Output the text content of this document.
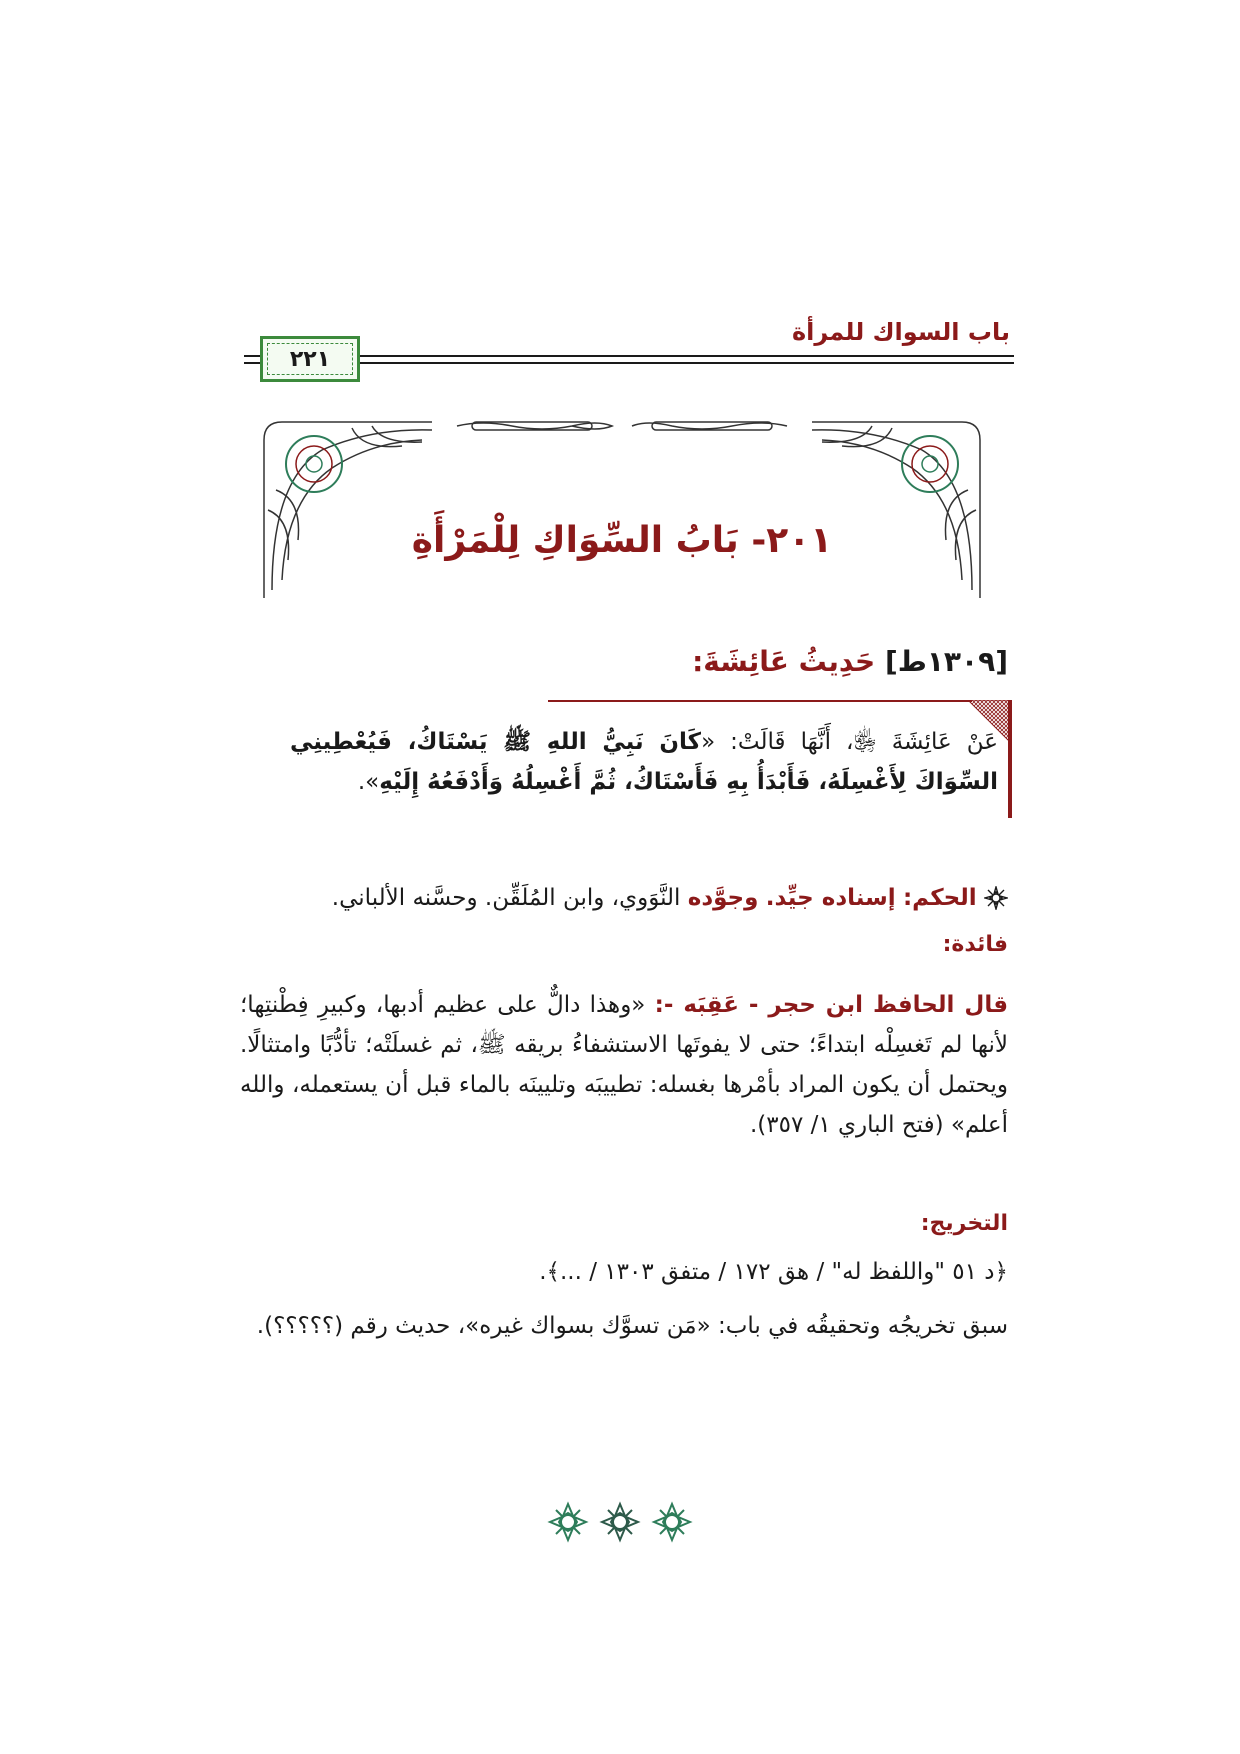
باب السواك للمرأة
٢٢١
٢٠١- بَابُ السِّوَاكِ لِلْمَرْأَةِ
[١٣٠٩ط] حَدِيثُ عَائِشَةَ:
عَنْ عَائِشَةَ ﵂، أَنَّهَا قَالَتْ: «كَانَ نَبِيُّ اللهِ ﷺ يَسْتَاكُ، فَيُعْطِينِي السِّوَاكَ لِأَغْسِلَهُ، فَأَبْدَأُ بِهِ فَأَسْتَاكُ، ثُمَّ أَغْسِلُهُ وَأَدْفَعُهُ إِلَيْهِ».
الحكم: إسناده جيِّد. وجوَّده النَّوَوي، وابن المُلَقِّن. وحسَّنه الألباني.
فائدة:
قال الحافظ ابن حجر - عَقِبَه -: «وهذا دالٌّ على عظيم أدبها، وكبيرِ فِطْنتِها؛ لأنها لم تَغسِلْه ابتداءً؛ حتى لا يفوتَها الاستشفاءُ بريقه ﷺ، ثم غسلَتْه؛ تأدُّبًا وامتثالًا. ويحتمل أن يكون المراد بأمْرها بغسله: تطييبَه وتليينَه بالماء قبل أن يستعمله، والله أعلم» (فتح الباري ١/ ٣٥٧).
التخريج:
﴿د ٥١ "واللفظ له" / هق ١٧٢ / متفق ١٣٠٣ / ...﴾.
سبق تخريجُه وتحقيقُه في باب: «مَن تسوَّك بسواك غيره»، حديث رقم (؟؟؟؟؟).
